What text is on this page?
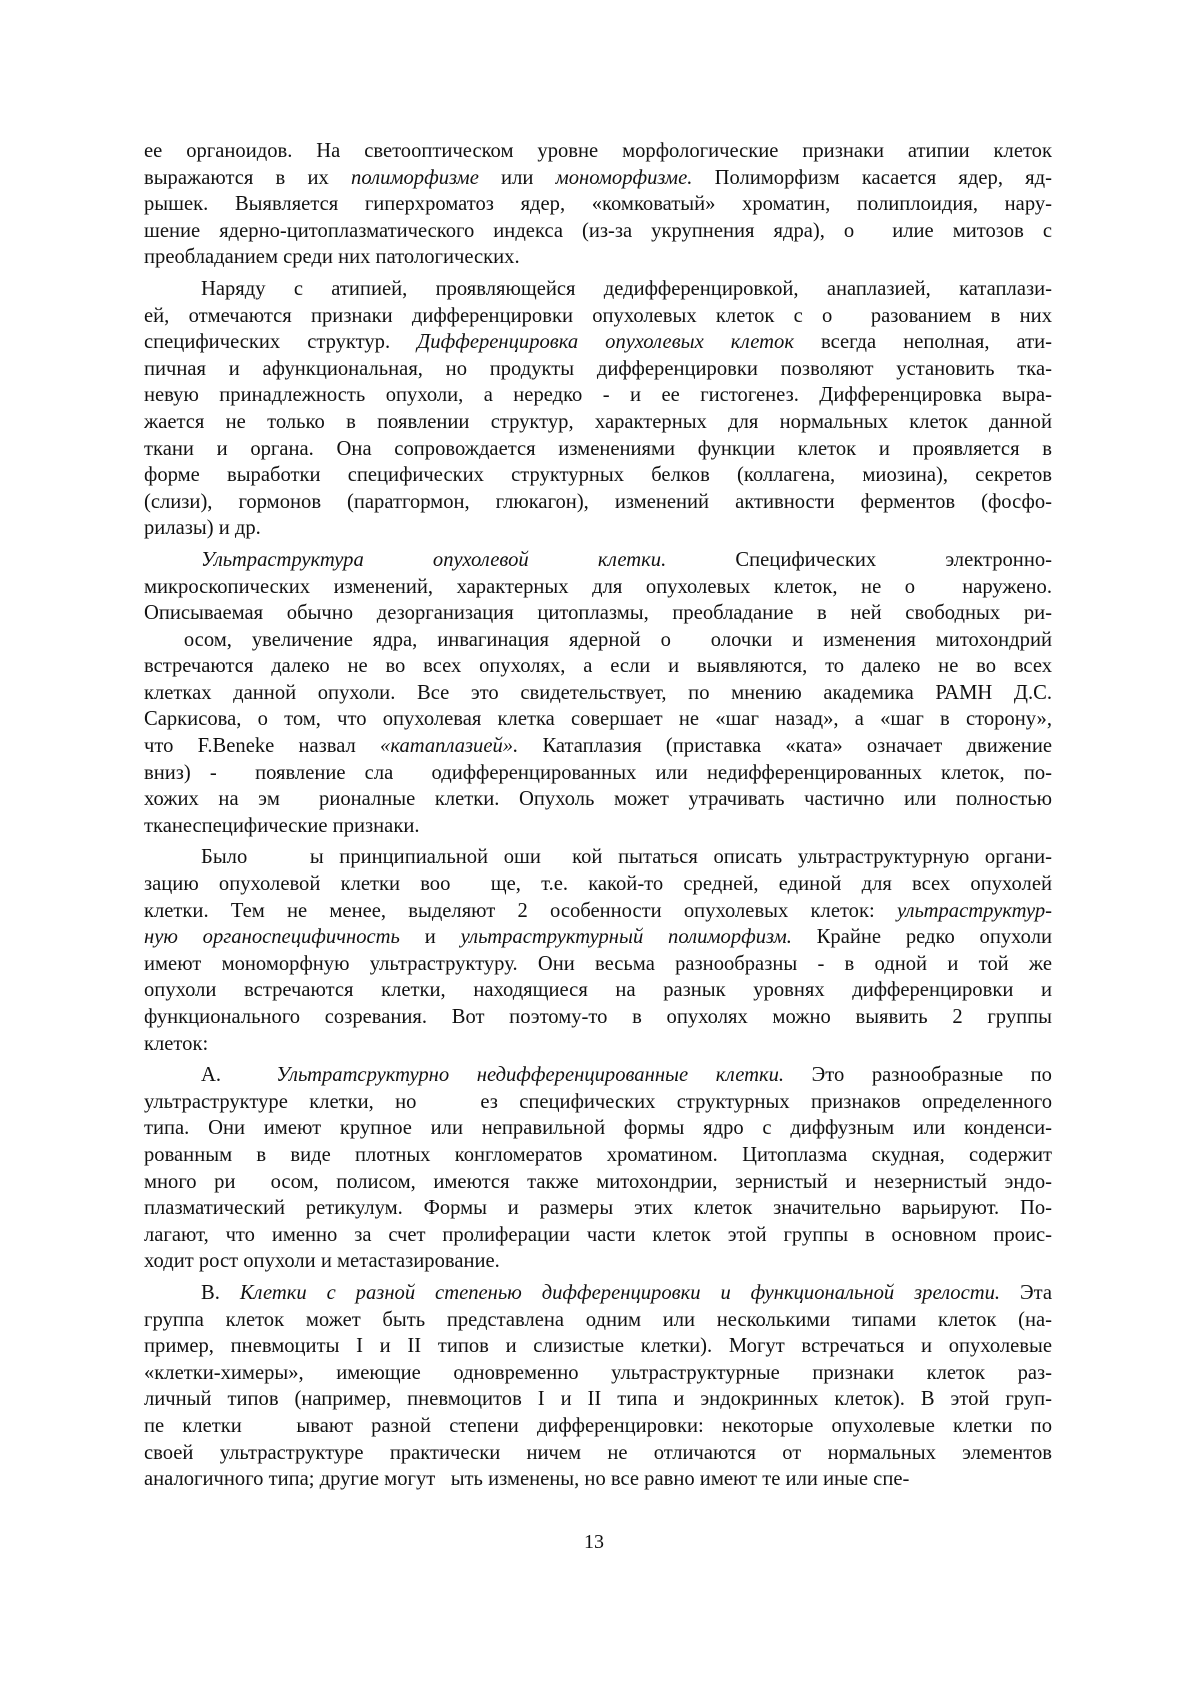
ее органоидов. На светооптическом уровне морфологические признаки атипии клеток
выражаются в их полиморфизме или мономорфизме. Полиморфизм касается ядер, яд-
рышек. Выявляется гиперхроматоз ядер, «комковатый» хроматин, полиплоидия, нару-
шение ядерно-цитоплазматического индекса (из-за укрупнения ядра), о  илие митозов с
преобладанием среди них патологических.
Наряду с атипией, проявляющейся дедифференцировкой, анаплазией, катаплази-
ей, отмечаются признаки дифференцировки опухолевых клеток с о  разованием в них
специфических структур. Дифференцировка опухолевых клеток всегда неполная, ати-
пичная и афункциональная, но продукты дифференцировки позволяют установить тка-
невую принадлежность опухоли, а нередко - и ее гистогенез. Дифференцировка выра-
жается не только в появлении структур, характерных для нормальных клеток данной
ткани и органа. Она сопровождается изменениями функции клеток и проявляется в
форме выработки специфических структурных белков (коллагена, миозина), секретов
(слизи), гормонов (паратгормон, глюкагон), изменений активности ферментов (фосфо-
рилазы) и др.
Ультраструктура	опухолевой	клетки.         Специфических         электронно-
микроскопических изменений, характерных для опухолевых клеток, не о  наружено.
Описываемая обычно дезорганизация цитоплазмы, преобладание в ней свободных ри-
осом, увеличение ядра, инвагинация ядерной о  олочки и изменения митохондрий
встречаются далеко не во всех опухолях, а если и выявляются, то далеко не во всех
клетках данной опухоли. Все это свидетельствует, по мнению академика РАМН Д.С.
Саркисова, о том, что опухолевая клетка совершает не «шаг назад», а «шаг в сторону»,
что F.Beneke назвал «катаплазией». Катаплазия (приставка «ката» означает движение
вниз) -  появление сла  одифференцированных или недифференцированных клеток, по-
хожих на эм  рионалные клетки. Опухоль может утрачивать частично или полностью
тканеспецифические признаки.
Было    ы принципиальной оши  кой пытаться описать ультраструктурную органи-
зацию опухолевой клетки воо  ще, т.е. какой-то средней, единой для всех опухолей
клетки. Тем не менее, выделяют 2 особенности опухолевых клеток: ультраструктур-
ную органоспецифичность и ультраструктурный полиморфизм. Крайне редко опухоли
имеют мономорфную ультраструктуру. Они весьма разнообразны - в одной и той же
опухоли встречаются клетки, находящиеся на разнык уровнях дифференцировки и
функционального созревания. Вот поэтому-то в опухолях можно выявить 2 группы
клеток:
А.  Ультратсруктурно недифференцированные клетки. Это разнообразные по
ультраструктуре клетки, но   ез специфических структурных признаков определенного
типа. Они имеют крупное или неправильной формы ядро с диффузным или конденси-
рованным в виде плотных конгломератов хроматином. Цитоплазма скудная, содержит
много ри  осом, полисом, имеются также митохондрии, зернистый и незернистый эндо-
плазматический ретикулум. Формы и размеры этих клеток значительно варьируют. По-
лагают, что именно за счет пролиферации части клеток этой группы в основном проис-
ходит рост опухоли и метастазирование.
В. Клетки с разной степенью дифференцировки и функциональной зрелости. Эта
группа клеток может быть представлена одним или несколькими типами клеток (на-
пример, пневмоциты I и II типов и слизистые клетки). Могут встречаться и опухолевые
«клетки-химеры», имеющие одновременно ультраструктурные признаки клеток раз-
личный типов (например, пневмоцитов I и II типа и эндокринных клеток). В этой груп-
пе клетки   ывают разной степени дифференцировки: некоторые опухолевые клетки по
своей ультраструктуре практически ничем не отличаются от нормальных элементов
аналогичного типа; другие могут   ыть изменены, но все равно имеют те или иные спе-
13
